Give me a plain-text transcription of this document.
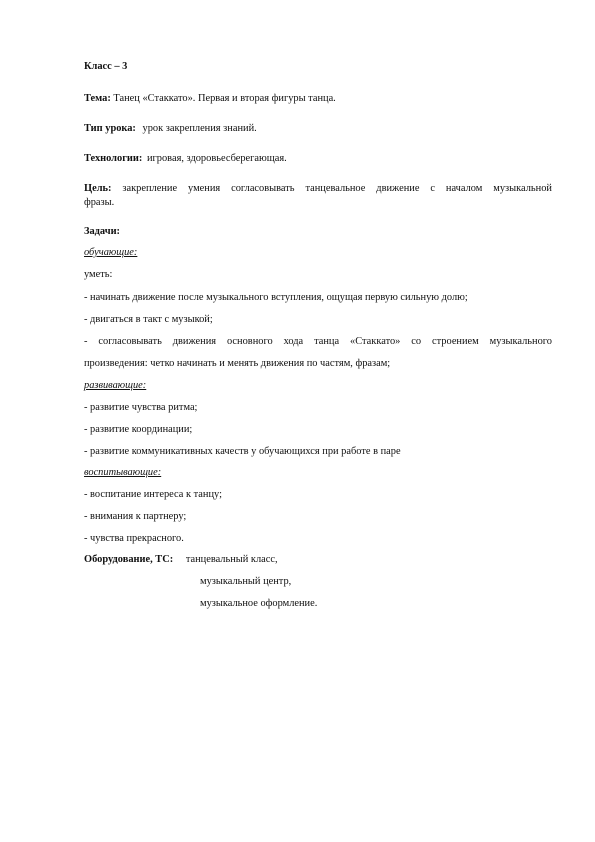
Класс – 3
Тема: Танец «Стаккато». Первая и вторая фигуры танца.
Тип урока: урок закрепления знаний.
Технологии: игровая, здоровьесберегающая.
Цель: закрепление умения согласовывать танцевальное движение с началом музыкальной
фразы.
Задачи:
обучающие:
уметь:
- начинать движение после музыкального вступления, ощущая первую сильную долю;
- двигаться в такт с музыкой;
- согласовывать движения основного хода танца «Стаккато» со строением музыкального
произведения: четко начинать и менять движения по частям, фразам;
развивающие:
- развитие чувства ритма;
- развитие координации;
- развитие коммуникативных качеств у обучающихся при работе в паре
воспитывающие:
- воспитание интереса к танцу;
- внимания к партнеру;
- чувства прекрасного.
Оборудование, ТС: танцевальный класс,
музыкальный центр,
музыкальное оформление.
